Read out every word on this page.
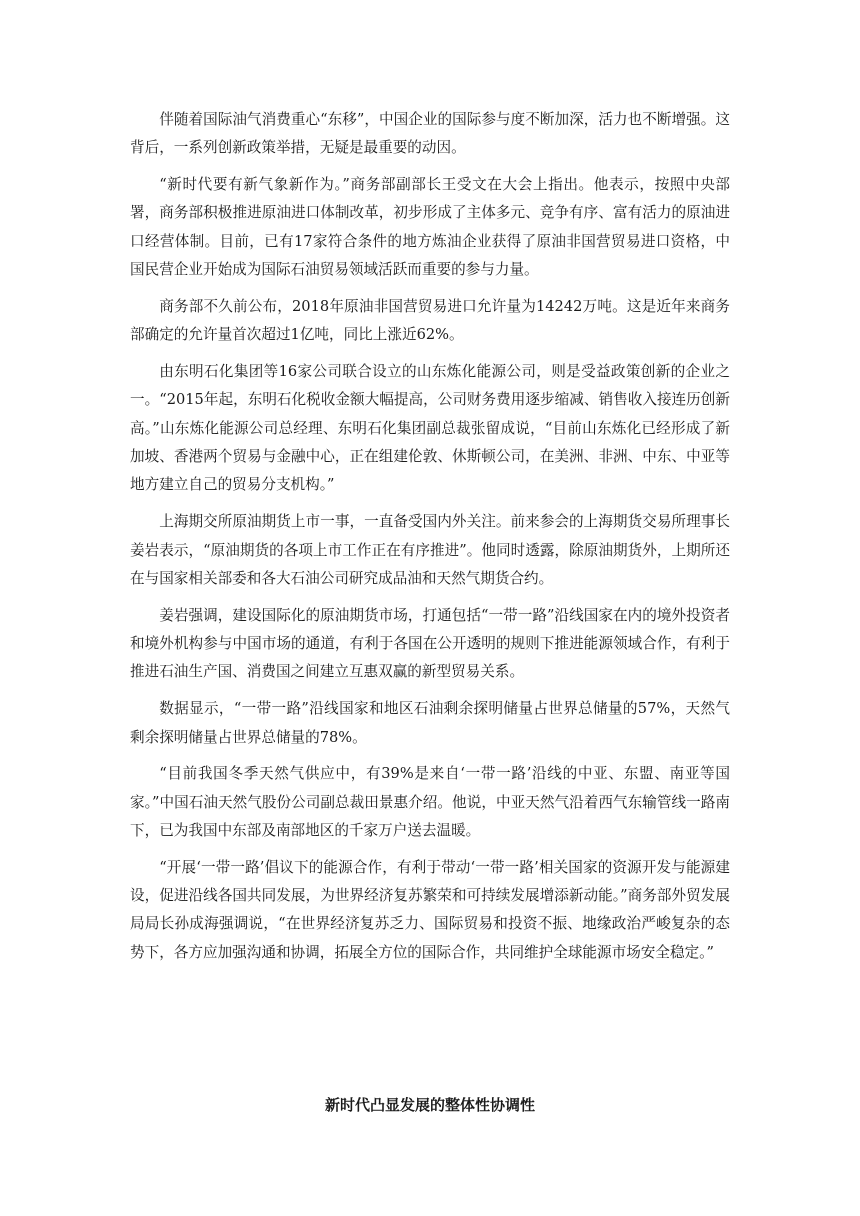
伴随着国际油气消费重心“东移”，中国企业的国际参与度不断加深，活力也不断增强。这背后，一系列创新政策举措，无疑是最重要的动因。

“新时代要有新气象新作为。”商务部副部长王受文在大会上指出。他表示，按照中央部署，商务部积极推进原油进口体制改革，初步形成了主体多元、竞争有序、富有活力的原油进口经营体制。目前，已有17家符合条件的地方炼油企业获得了原油非国营贸易进口资格，中国民营企业开始成为国际石油贸易领域活跃而重要的参与力量。

商务部不久前公布，2018年原油非国营贸易进口允许量为14242万吨。这是近年来商务部确定的允许量首次超过1亿吨，同比上涨近62%。

由东明石化集团等16家公司联合设立的山东炼化能源公司，则是受益政策创新的企业之一。“2015年起，东明石化税收金额大幅提高，公司财务费用逐步缩减、销售收入接连历创新高。”山东炼化能源公司总经理、东明石化集团副总裁张留成说，“目前山东炼化已经形成了新加坡、香港两个贸易与金融中心，正在组建伦敦、休斯顿公司，在美洲、非洲、中东、中亚等地方建立自己的贸易分支机构。”

上海期交所原油期货上市一事，一直备受国内外关注。前来参会的上海期货交易所理事长姜岩表示，“原油期货的各项上市工作正在有序推进”。他同时透露，除原油期货外，上期所还在与国家相关部委和各大石油公司研究成品油和天然气期货合约。

姜岩强调，建设国际化的原油期货市场，打通包括“一带一路”沿线国家在内的境外投资者和境外机构参与中国市场的通道，有利于各国在公开透明的规则下推进能源领域合作，有利于推进石油生产国、消费国之间建立互惠双赢的新型贸易关系。

数据显示，“一带一路”沿线国家和地区石油剩余探明储量占世界总储量的57%，天然气剩余探明储量占世界总储量的78%。

“目前我国冬季天然气供应中，有39%是来自‘一带一路’沿线的中亚、东盟、南亚等国家。”中国石油天然气股份公司副总裁田景惠介绍。他说，中亚天然气沿着西气东输管线一路南下，已为我国中东部及南部地区的千家万户送去温暖。

“开展‘一带一路’倡议下的能源合作，有利于带动‘一带一路’相关国家的资源开发与能源建设，促进沿线各国共同发展，为世界经济复苏繁荣和可持续发展增添新动能。”商务部外贸发展局局长孙成海强调说，“在世界经济复苏乏力、国际贸易和投资不振、地缘政治严峻复杂的态势下，各方应加强沟通和协调，拓展全方位的国际合作，共同维护全球能源市场安全稳定。”

新时代凸显发展的整体性协调性
